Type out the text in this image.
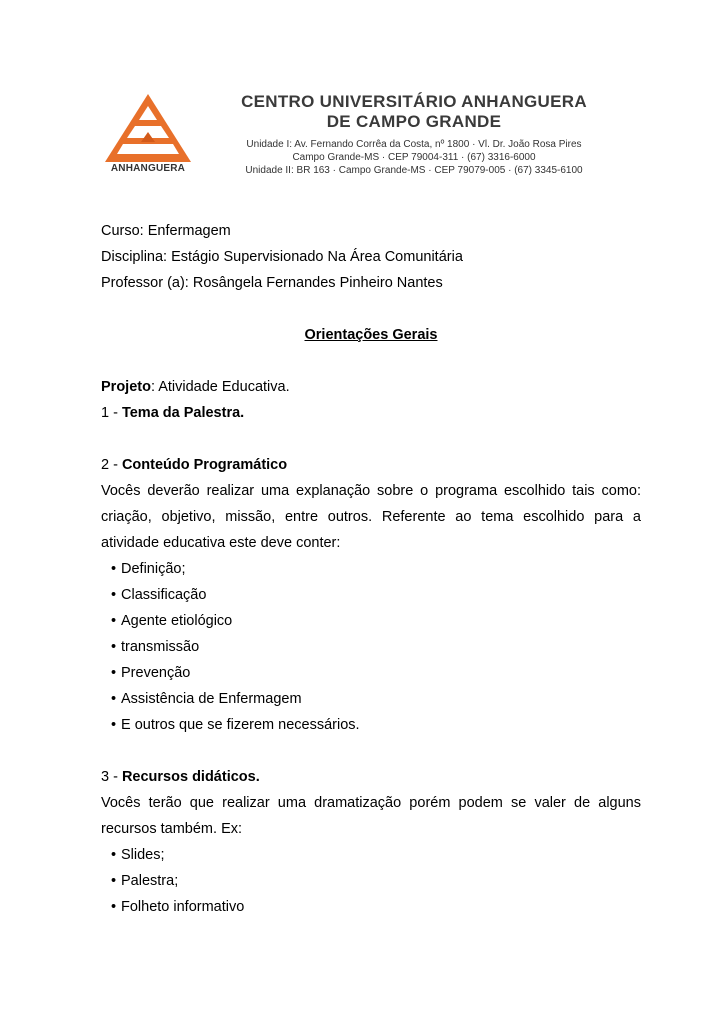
ANHANGUERA
CENTRO UNIVERSITÁRIO ANHANGUERA
DE CAMPO GRANDE
Unidade I: Av. Fernando Corrêa da Costa, nº 1800 · Vl. Dr. João Rosa Pires
Campo Grande-MS · CEP 79004-311 · (67) 3316-6000
Unidade II: BR 163 · Campo Grande-MS · CEP 79079-005 · (67) 3345-6100
Curso: Enfermagem
Disciplina: Estágio Supervisionado Na Área Comunitária
Professor (a): Rosângela Fernandes Pinheiro Nantes
Orientações Gerais
Projeto: Atividade Educativa.
1 - Tema da Palestra.
2 - Conteúdo Programático
Vocês deverão realizar uma explanação sobre o programa escolhido tais como:
criação, objetivo, missão, entre outros. Referente ao tema escolhido para a
atividade educativa este deve conter:
• Definição;
• Classificação
• Agente etiológico
• transmissão
• Prevenção
• Assistência de Enfermagem
• E outros que se fizerem necessários.
3 - Recursos didáticos.
Vocês terão que realizar uma dramatização porém podem se valer de alguns
recursos também. Ex:
• Slides;
• Palestra;
• Folheto informativo
